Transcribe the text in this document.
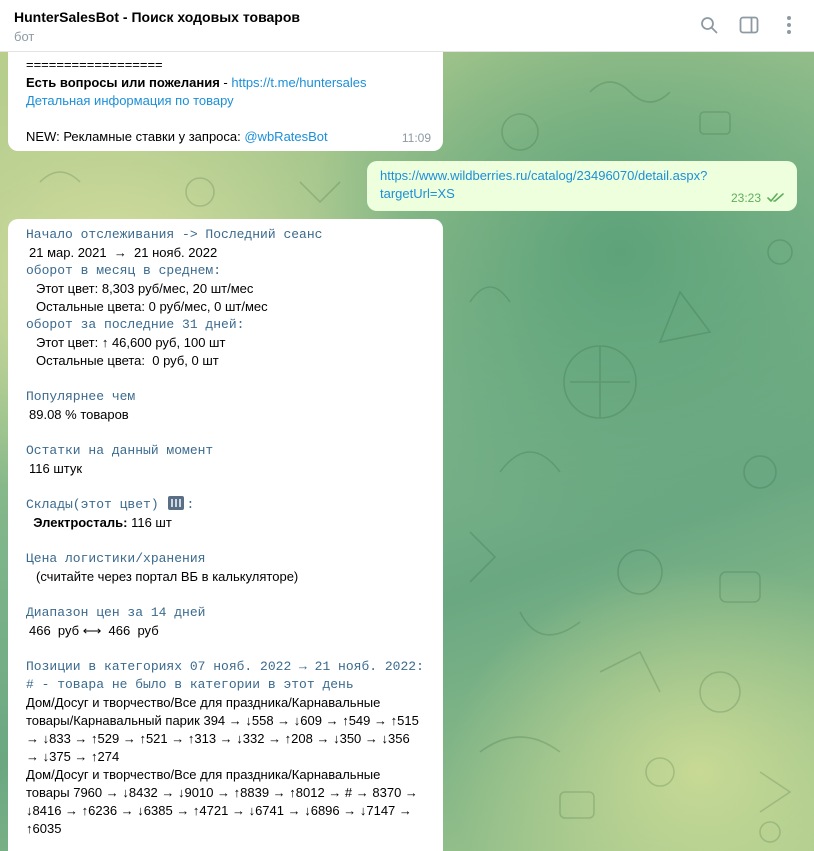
HunterSalesBot - Поиск ходовых товаров
бот
==================
Есть вопросы или пожелания - https://t.me/huntersales
Детальная информация по товару

NEW: Рекламные ставки у запроса: @wbRatesBot	11:09
https://www.wildberries.ru/catalog/23496070/detail.aspx?
targetUrl=XS	23:23
Начало отслеживания -> Последний сеанс
21 мар. 2021  →  21 нояб. 2022
оборот в месяц в среднем:
Этот цвет: 8,303 руб/мес, 20 шт/мес
Остальные цвета: 0 руб/мес, 0 шт/мес
оборот за последние 31 дней:
Этот цвет: ↑ 46,600 руб, 100 шт
Остальные цвета:  0 руб, 0 шт

Популярнее чем
89.08 % товаров

Остатки на данный момент
116 штук

Склады(этот цвет) :
Электросталь: 116 шт

Цена логистики/хранения
(считайте через портал ВБ в калькуляторе)

Диапазон цен за 14 дней
466  руб ⟷  466  руб

Позиции в категориях 07 нояб. 2022 → 21 нояб. 2022:
# - товара не было в категории в этот день
Дом/Досуг и творчество/Все для праздника/Карнавальные товары/Карнавальный парик 394 → ↓558 → ↓609 → ↑549 → ↑515 → ↓833 → ↑529 → ↑521 → ↑313 → ↓332 → ↑208 → ↓350 → ↓356 → ↓375 → ↑274
Дом/Досуг и творчество/Все для праздника/Карнавальные товары 7960 → ↓8432 → ↓9010 → ↑8839 → ↑8012 → # → 8370 → ↓8416 → ↑6236 → ↓6385 → ↑4721 → ↓6741 → ↓6896 → ↓7147 → ↑6035
